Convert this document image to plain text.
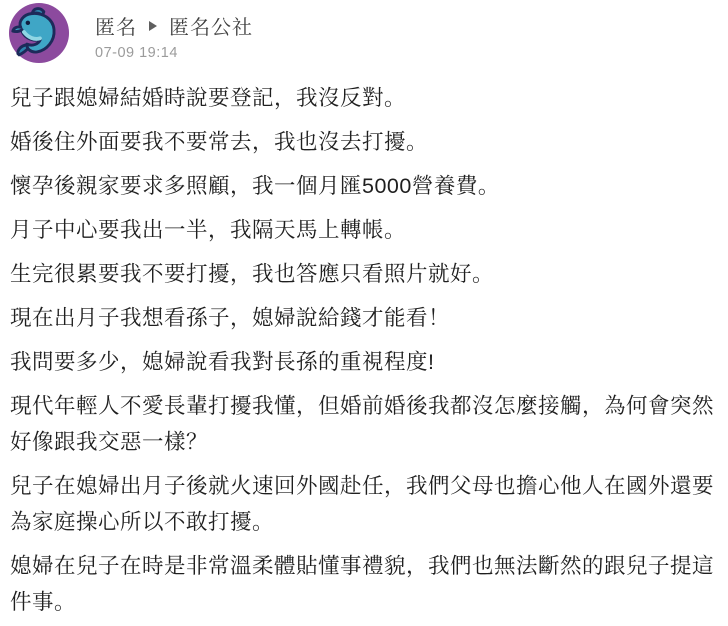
匿名 匿名公社
07-09 19:14

兒子跟媳婦結婚時說要登記，我沒反對。

婚後住外面要我不要常去，我也沒去打擾。

懷孕後親家要求多照顧，我一個月匯5000營養費。

月子中心要我出一半，我隔天馬上轉帳。

生完很累要我不要打擾，我也答應只看照片就好。

現在出月子我想看孫子，媳婦說給錢才能看！

我問要多少，媳婦說看我對長孫的重視程度!

現代年輕人不愛長輩打擾我懂，但婚前婚後我都沒怎麼接觸，為何會突然好像跟我交惡一樣？

兒子在媳婦出月子後就火速回外國赴任，我們父母也擔心他人在國外還要為家庭操心所以不敢打擾。

媳婦在兒子在時是非常溫柔體貼懂事禮貌，我們也無法斷然的跟兒子提這件事。
